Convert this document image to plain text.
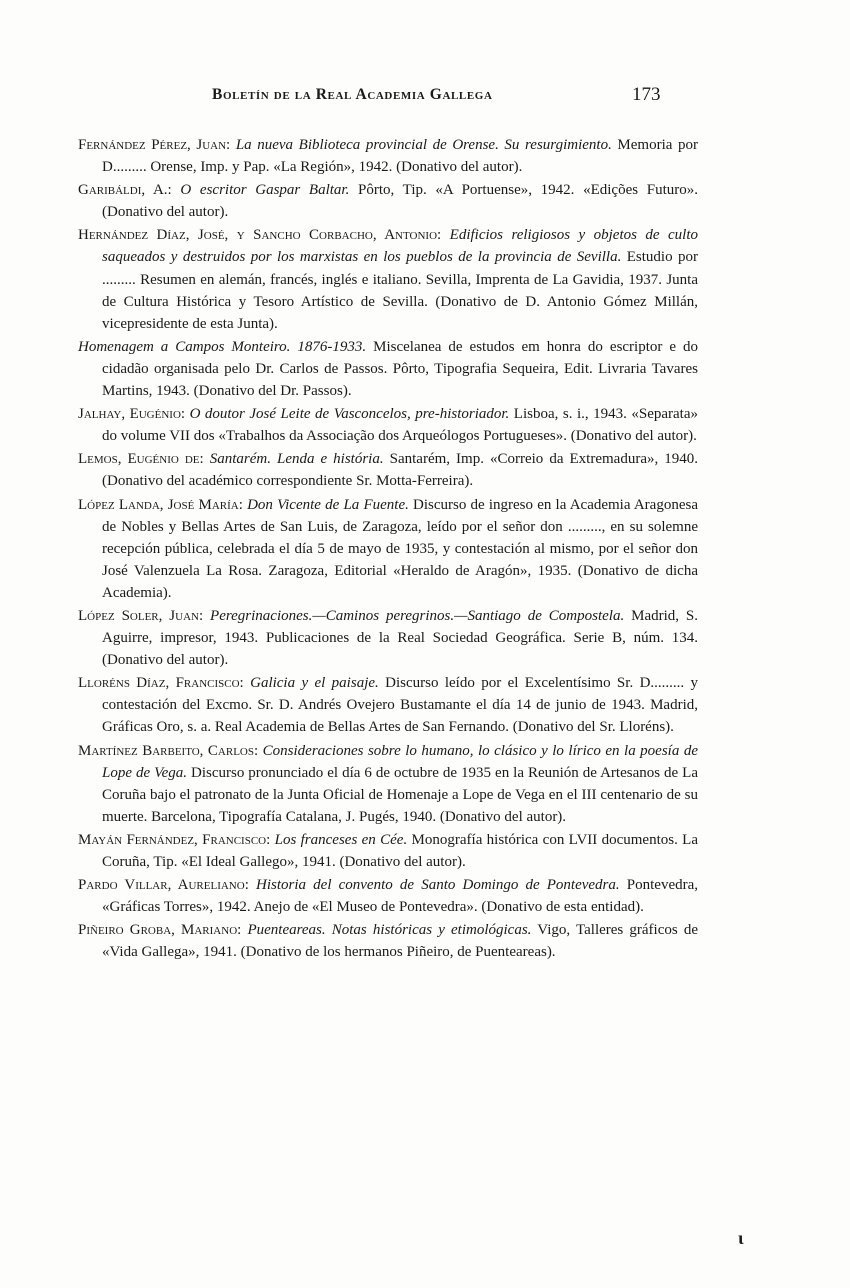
Boletín de la Real Academia Gallega	173
Fernández Pérez, Juan: La nueva Biblioteca provincial de Orense. Su resurgimiento. Memoria por D......... Orense, Imp. y Pap. «La Región», 1942. (Donativo del autor).
Garibáldi, A.: O escritor Gaspar Baltar. Pôrto, Tip. «A Portuense», 1942. «Edições Futuro». (Donativo del autor).
Hernández Díaz, José, y Sancho Corbacho, Antonio: Edificios religiosos y objetos de culto saqueados y destruidos por los marxistas en los pueblos de la provincia de Sevilla. Estudio por ......... Resumen en alemán, francés, inglés e italiano. Sevilla, Imprenta de La Gavidia, 1937. Junta de Cultura Histórica y Tesoro Artístico de Sevilla. (Donativo de D. Antonio Gómez Millán, vicepresidente de esta Junta).
Homenagem a Campos Monteiro. 1876-1933. Miscelanea de estudos em honra do escriptor e do cidadão organisada pelo Dr. Carlos de Passos. Pôrto, Tipografia Sequeira, Edit. Livraria Tavares Martins, 1943. (Donativo del Dr. Passos).
Jalhay, Eugénio: O doutor José Leite de Vasconcelos, pre-historiador. Lisboa, s. i., 1943. «Separata» do volume VII dos «Trabalhos da Associação dos Arqueólogos Portugueses». (Donativo del autor).
Lemos, Eugénio de: Santarém. Lenda e história. Santarém, Imp. «Correio da Extremadura», 1940. (Donativo del académico correspondiente Sr. Motta-Ferreira).
López Landa, José María: Don Vicente de La Fuente. Discurso de ingreso en la Academia Aragonesa de Nobles y Bellas Artes de San Luis, de Zaragoza, leído por el señor don ........., en su solemne recepción pública, celebrada el día 5 de mayo de 1935, y contestación al mismo, por el señor don José Valenzuela La Rosa. Zaragoza, Editorial «Heraldo de Aragón», 1935. (Donativo de dicha Academia).
López Soler, Juan: Peregrinaciones.—Caminos peregrinos.—Santiago de Compostela. Madrid, S. Aguirre, impresor, 1943. Publicaciones de la Real Sociedad Geográfica. Serie B, núm. 134. (Donativo del autor).
Lloréns Díaz, Francisco: Galicia y el paisaje. Discurso leído por el Excelentísimo Sr. D......... y contestación del Excmo. Sr. D. Andrés Ovejero Bustamante el día 14 de junio de 1943. Madrid, Gráficas Oro, s. a. Real Academia de Bellas Artes de San Fernando. (Donativo del Sr. Lloréns).
Martínez Barbeito, Carlos: Consideraciones sobre lo humano, lo clásico y lo lírico en la poesía de Lope de Vega. Discurso pronunciado el día 6 de octubre de 1935 en la Reunión de Artesanos de La Coruña bajo el patronato de la Junta Oficial de Homenaje a Lope de Vega en el III centenario de su muerte. Barcelona, Tipografía Catalana, J. Pugés, 1940. (Donativo del autor).
Mayán Fernández, Francisco: Los franceses en Cée. Monografía histórica con LVII documentos. La Coruña, Tip. «El Ideal Gallego», 1941. (Donativo del autor).
Pardo Villar, Aureliano: Historia del convento de Santo Domingo de Pontevedra. Pontevedra, «Gráficas Torres», 1942. Anejo de «El Museo de Pontevedra». (Donativo de esta entidad).
Piñeiro Groba, Mariano: Puenteareas. Notas históricas y etimológicas. Vigo, Talleres gráficos de «Vida Gallega», 1941. (Donativo de los hermanos Piñeiro, de Puenteareas).
ɩ
